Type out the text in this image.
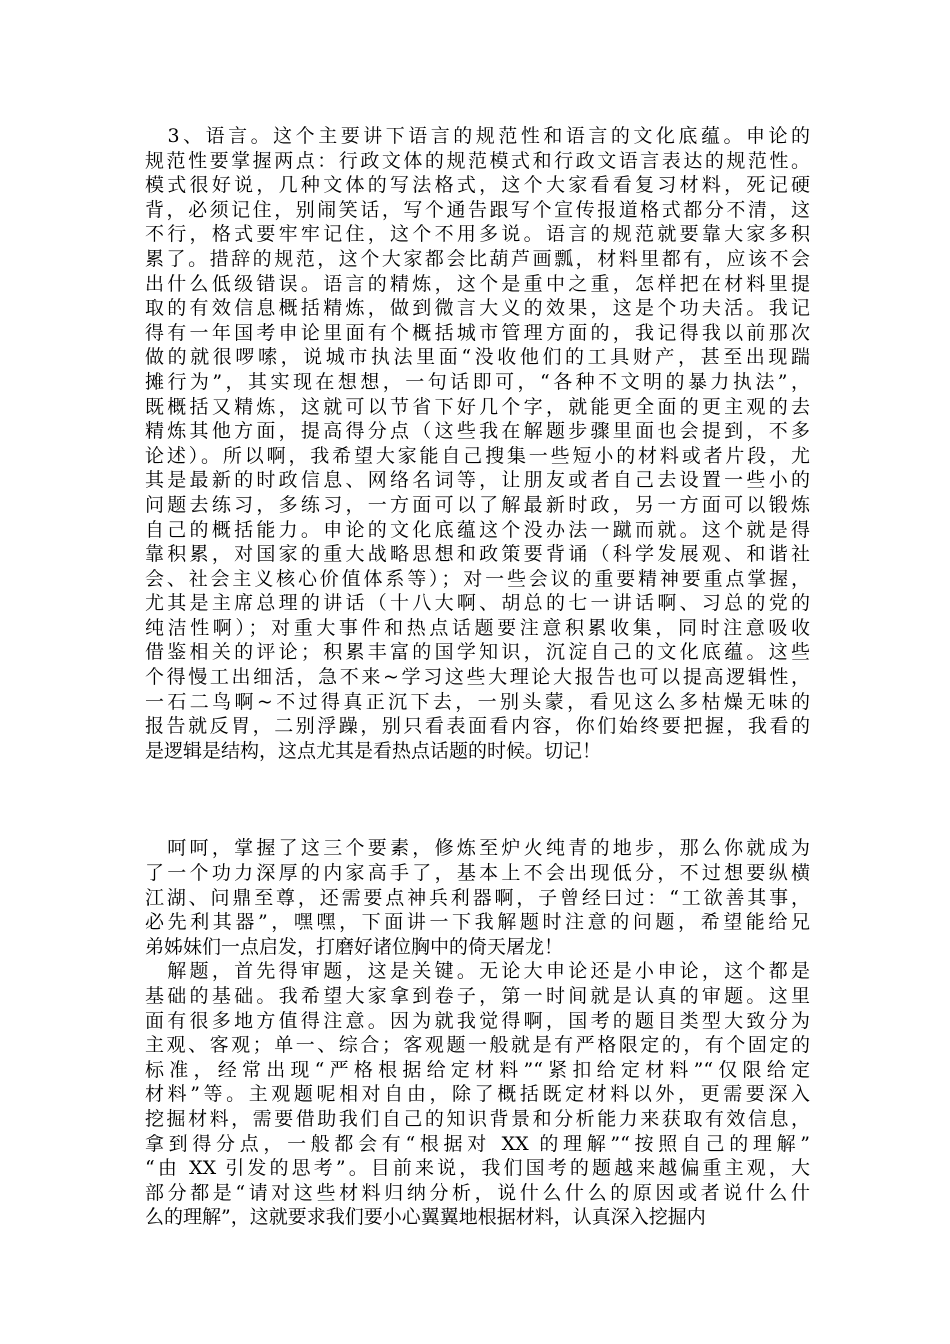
　3、语言。这个主要讲下语言的规范性和语言的文化底蕴。申论的
规范性要掌握两点：行政文体的规范模式和行政文语言表达的规范性。
模式很好说，几种文体的写法格式，这个大家看看复习材料，死记硬
背，必须记住，别闹笑话，写个通告跟写个宣传报道格式都分不清，这
不行，格式要牢牢记住，这个不用多说。语言的规范就要靠大家多积
累了。措辞的规范，这个大家都会比葫芦画瓢，材料里都有，应该不会
出什么低级错误。语言的精炼，这个是重中之重，怎样把在材料里提
取的有效信息概括精炼，做到微言大义的效果，这是个功夫活。我记
得有一年国考申论里面有个概括城市管理方面的，我记得我以前那次
做的就很啰嗦，说城市执法里面“没收他们的工具财产，甚至出现踹
摊行为”，其实现在想想，一句话即可，“各种不文明的暴力执法”，
既概括又精炼，这就可以节省下好几个字，就能更全面的更主观的去
精炼其他方面，提高得分点（这些我在解题步骤里面也会提到，不多
论述）。所以啊，我希望大家能自己搜集一些短小的材料或者片段，尤
其是最新的时政信息、网络名词等，让朋友或者自己去设置一些小的
问题去练习，多练习，一方面可以了解最新时政，另一方面可以锻炼
自己的概括能力。申论的文化底蕴这个没办法一蹴而就。这个就是得
靠积累，对国家的重大战略思想和政策要背诵（科学发展观、和谐社
会、社会主义核心价值体系等）；对一些会议的重要精神要重点掌握，
尤其是主席总理的讲话（十八大啊、胡总的七一讲话啊、习总的党的
纯洁性啊）；对重大事件和热点话题要注意积累收集，同时注意吸收
借鉴相关的评论；积累丰富的国学知识，沉淀自己的文化底蕴。这些
个得慢工出细活，急不来~学习这些大理论大报告也可以提高逻辑性，
一石二鸟啊~不过得真正沉下去，一别头蒙，看见这么多枯燥无味的
报告就反胃，二别浮躁，别只看表面看内容，你们始终要把握，我看的
是逻辑是结构，这点尤其是看热点话题的时候。切记！
　呵呵，掌握了这三个要素，修炼至炉火纯青的地步，那么你就成为
了一个功力深厚的内家高手了，基本上不会出现低分，不过想要纵横
江湖、问鼎至尊，还需要点神兵利器啊，子曾经曰过：“工欲善其事，
必先利其器”，嘿嘿，下面讲一下我解题时注意的问题，希望能给兄
弟姊妹们一点启发，打磨好诸位胸中的倚天屠龙！
　解题，首先得审题，这是关键。无论大申论还是小申论，这个都是
基础的基础。我希望大家拿到卷子，第一时间就是认真的审题。这里
面有很多地方值得注意。因为就我觉得啊，国考的题目类型大致分为
主观、客观；单一、综合；客观题一般就是有严格限定的，有个固定的
标准，经常出现“严格根据给定材料”“紧扣给定材料”“仅限给定
材料”等。主观题呢相对自由，除了概括既定材料以外，更需要深入
挖掘材料，需要借助我们自己的知识背景和分析能力来获取有效信息，
拿到得分点，一般都会有“根据对 XX 的理解”“按照自己的理解”
“由 XX 引发的思考”。目前来说，我们国考的题越来越偏重主观，大
部分都是“请对这些材料归纳分析，说什么什么的原因或者说什么什
么的理解”，这就要求我们要小心翼翼地根据材料，认真深入挖掘内
